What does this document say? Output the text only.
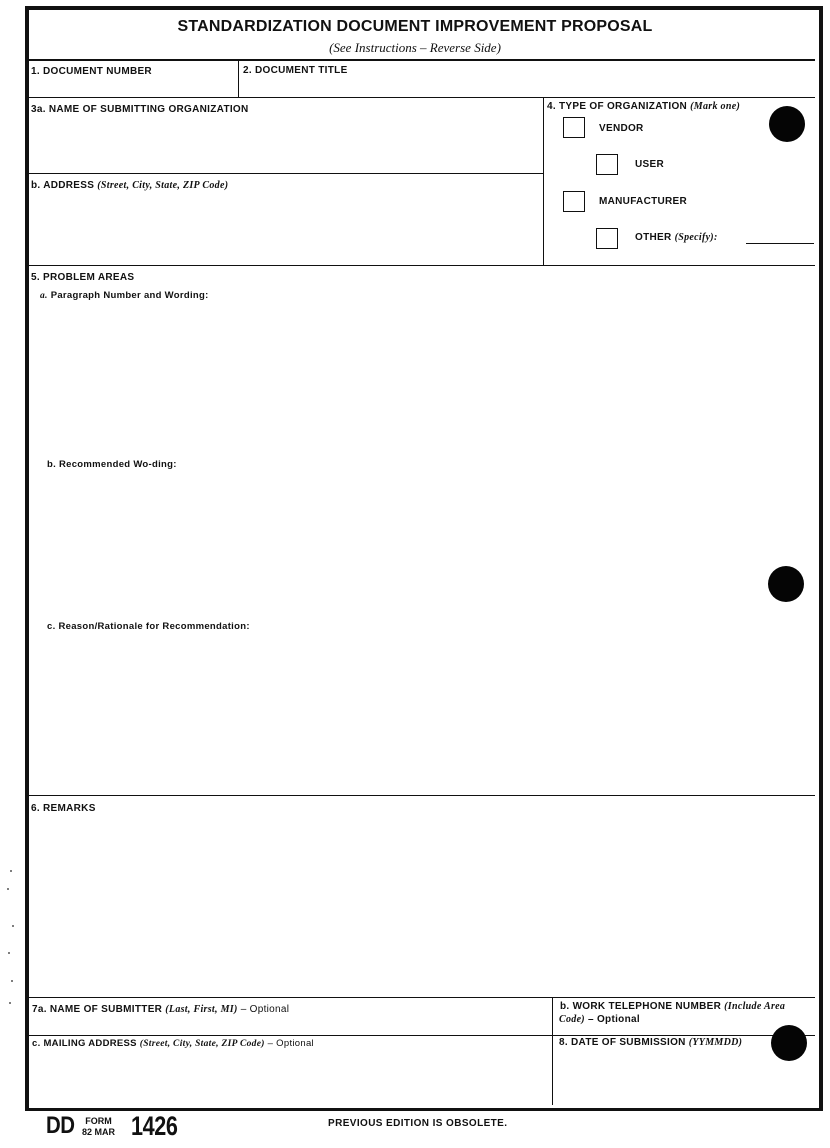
STANDARDIZATION DOCUMENT IMPROVEMENT PROPOSAL
(See Instructions – Reverse Side)
1. DOCUMENT NUMBER	2. DOCUMENT TITLE
3a. NAME OF SUBMITTING ORGANIZATION
b. ADDRESS (Street, City, State, ZIP Code)
4. TYPE OF ORGANIZATION (Mark one)
VENDOR
USER
MANUFACTURER
OTHER (Specify):
5. PROBLEM AREAS
a. Paragraph Number and Wording:
b. Recommended Wo-ding:
c. Reason/Rationale for Recommendation:
6. REMARKS
7a. NAME OF SUBMITTER (Last, First, MI) – Optional	b. WORK TELEPHONE NUMBER (Include Area
Code) – Optional
c. MAILING ADDRESS (Street, City, State, ZIP Code) – Optional	8. DATE OF SUBMISSION (YYMMDD)
DD	FORM
82 MAR 1426	PREVIOUS EDITION IS OBSOLETE.
